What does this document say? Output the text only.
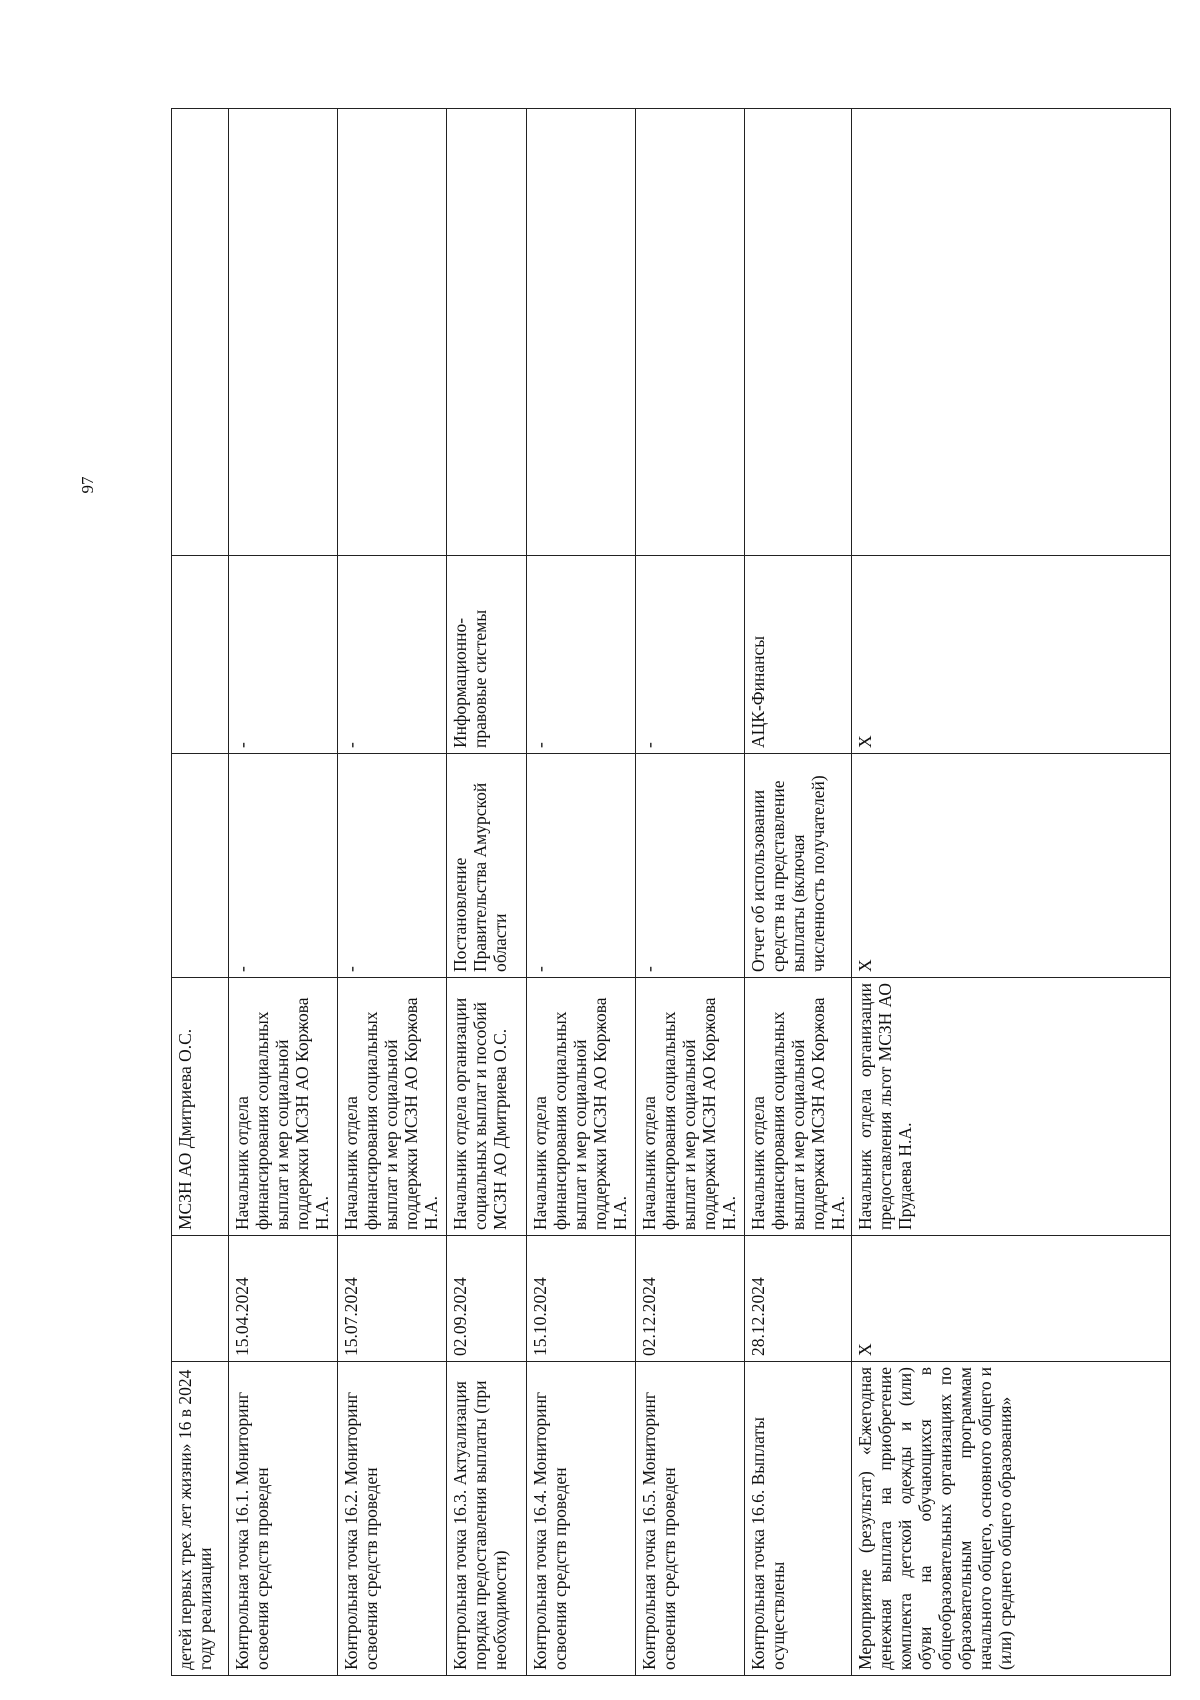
97
детей первых трех лет жизни» 16 в 2024 году реализации		МСЗН АО Дмитриева О.С.			
Контрольная точка 16.1. Мониторинг освоения средств проведен	15.04.2024	Начальник отдела финансирования социальных выплат и мер социальной поддержки МСЗН АО Коржова Н.А.	-	-	
Контрольная точка 16.2. Мониторинг освоения средств проведен	15.07.2024	Начальник отдела финансирования социальных выплат и мер социальной поддержки МСЗН АО Коржова Н.А.	-	-	
Контрольная точка 16.3. Актуализация порядка предоставления выплаты (при необходимости)	02.09.2024	Начальник отдела организации социальных выплат и пособий МСЗН АО Дмитриева О.С.	Постановление Правительства Амурской области	Информационно-правовые системы	
Контрольная точка 16.4. Мониторинг освоения средств проведен	15.10.2024	Начальник отдела финансирования социальных выплат и мер социальной поддержки МСЗН АО Коржова Н.А.	-	-	
Контрольная точка 16.5. Мониторинг освоения средств проведен	02.12.2024	Начальник отдела финансирования социальных выплат и мер социальной поддержки МСЗН АО Коржова Н.А.	-	-	
Контрольная точка 16.6. Выплаты осуществлены	28.12.2024	Начальник отдела финансирования социальных выплат и мер социальной поддержки МСЗН АО Коржова Н.А.	Отчет об использовании средств на представление выплаты (включая численность получателей)	АЦК-Финансы	
Мероприятие (результат) «Ежегодная денежная выплата на приобретение комплекта детской одежды и (или) обуви на обучающихся в общеобразовательных организациях по образовательным программам начального общего, основного общего и (или) среднего общего образования»	X	Начальник отдела организации предоставления льгот МСЗН АО Прудаева Н.А.	X	X	
